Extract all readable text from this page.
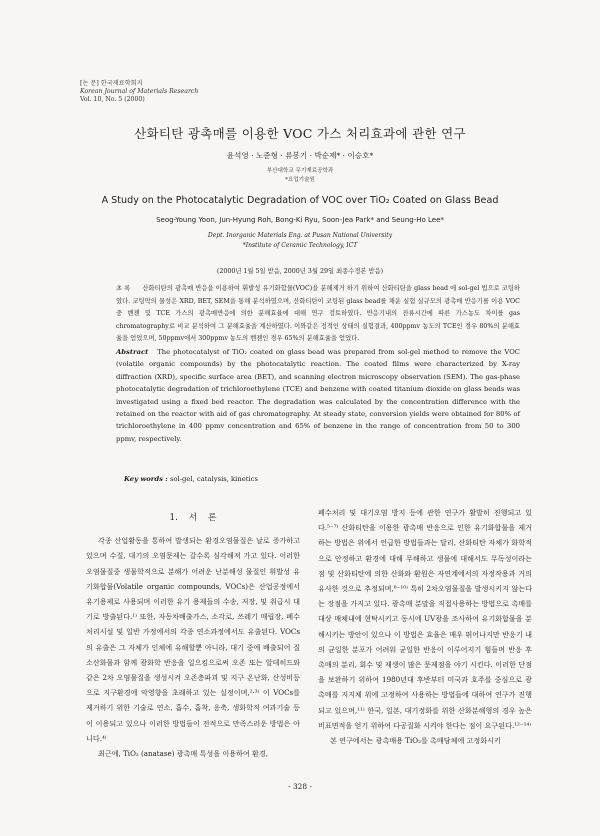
[논 문] 한국재료학회지
Korean Journal of Materials Research
Vol. 10, No. 5 (2000)
산화티탄 광촉매를 이용한 VOC 가스 처리효과에 관한 연구
윤석영 · 노준형 · 류봉기 · 박순제* · 이승호*
부산대학교 무기재료공학과
*요업기술원
A Study on the Photocatalytic Degradation of VOC over TiO₂ Coated on Glass Bead
Seog-Young Yoon, Jun-Hyung Roh, Bong-Ki Ryu, Soon-Jea Park* and Seung-Ho Lee*
Dept. Inorganic Materials Eng. at Pusan National University
*Institute of Ceramic Technology, ICT
(2000년 1월 5일 받음, 2000년 3월 29일 최종수정본 받음)
초 록 산화티탄의 광촉매 반응을 이용하여 휘발성 유기화합물(VOC)을 분해제거 하기 위하여 산화티탄을 glass bead 에 sol-gel 법으로 코팅하였다. 코팅막의 물성은 XRD, BET, SEM을 통해 분석하였으며, 산화티탄이 코팅된 glass bead를 채운 실험 실규모의 광촉매 반응기를 이용 VOC중 벤젠 및 TCE 가스의 광촉매반응에 의한 분해효율에 대해 연구 검토하였다. 반응기내의 잔류시간에 따른 가스농도 차이를 gas chromatography로 비교 분석하여 그 분해효율을 계산하였다. 이와같은 정적인 상태의 실험결과, 400ppmv 농도의 TCE인 경우 80%의 분해효율을 얻었으며, 50ppmv에서 300ppmv 농도의 벤젠인 경우 65%의 분해효율을 얻었다.
Abstract The photocatalyst of TiO₂ coated on glass bead was prepared from sol-gel method to remove the VOC (volatile organic compounds) by the photocatalytic reaction. The coated films were characterized by X-ray diffraction (XRD), specific surface area (BET), and scanning electron microscopy observation (SEM). The gas-phase photocatalytic degradation of trichloroethylene (TCE) and benzene with coated titanium dioxide on glass beads was investigated using a fixed bed reactor. The degradation was calculated by the concentration difference with the retained on the reactor with aid of gas chromatography. At steady state, conversion yields were obtained for 80% of trichloroethylene in 400 ppmv concentration and 65% of benzene in the range of concentration from 50 to 300 ppmv, respectively.
Key words : sol-gel, catalysis, kinetics
1. 서 론

각종 산업활동을 통하여 발생되는 환경오염물질은 날로 증가하고 있으며 수질, 대기의 오염문제는 갈수록 심각해져 가고 있다. 이러한 오염물질중 생물학적으로 분해가 어려운 난분해성 물질인 휘발성 유기화합물(Volatile organic compounds, VOCs)은 산업공정에서 유기용제로 사용되며 이러한 유기 용제들의 수송, 저장, 및 취급시 대기로 방출된다.¹⁾ 또한, 자동차배출가스, 소각로, 쓰레기 매립장, 폐수처리시설 및 일반 가정에서의 각종 연소과정에서도 유출된다. VOCs의 유출은 그 자체가 인체에 유해할뿐 아니라, 대기 중에 배출되어 질소산화물과 함께 광화학 반응을 일으킴으로써 오존 또는 알데히드와 같은 2차 오염물질을 생성시켜 오존층파괴 및 지구 온난화, 산성비등으로 지구환경에 악영향을 초래하고 있는 실정이며,²·³⁾ 이 VOCs를 제거하기 위한 기술로 연소, 흡수, 흡착, 응축, 생화학적 여과기술 등이 이용되고 있으나 이러한 방법들이 전적으로 만족스러운 방법은 아니다.⁴⁾

최근에, TiO₂ (anatase) 광촉매 특성을 이용하여 환경,

폐수처리 및 대기오염 방지 등에 관한 연구가 활발히 진행되고 있다.⁵⁻⁷⁾ 산화티탄을 이용한 광촉매 반응으로 인한 유기화합물을 제거하는 방법은 위에서 언급한 방법들과는 달리, 산화티탄 자체가 화학적으로 안정하고 환경에 대해 무해하고 생물에 대해서도 무독성이라는 점 및 산화티탄에 의한 산화와 환원은 자연계에서의 자정작용과 거의 유사한 것으로 추정되며,⁸⁻¹⁰⁾ 특히 2차오염물질을 발생시키지 않는다는 장점을 가지고 있다. 광촉매 분말을 직접사용하는 방법으로 촉매를 대상 매체내에 현탁시키고 동시에 UV광을 조사하여 유기화합물을 분해시키는 방안이 있으나 이 방법은 효율은 매우 뛰어나지만 반응기 내의 균일한 분포가 어려워 균일한 반응이 이루어지기 힘들며 반응 후 촉매의 분리, 회수 및 재생이 많은 문제점을 야기 시킨다. 이러한 단점을 보완하기 위하여 1980년대 후반부터 미국과 호주를 중심으로 광촉매를 지지체 위에 고정하여 사용하는 방법들에 대하여 연구가 진행되고 있으며,¹¹⁾ 한국, 일본, 대기정화를 위한 산화분해형의 경우 높은 비표면적을 얻기 위하여 다공질화 시켜야 한다는 점이 요구된다.¹²⁻¹⁴⁾

본 연구에서는 광촉매용 TiO₂를 촉매담체에 고정화시키

- 328 -
